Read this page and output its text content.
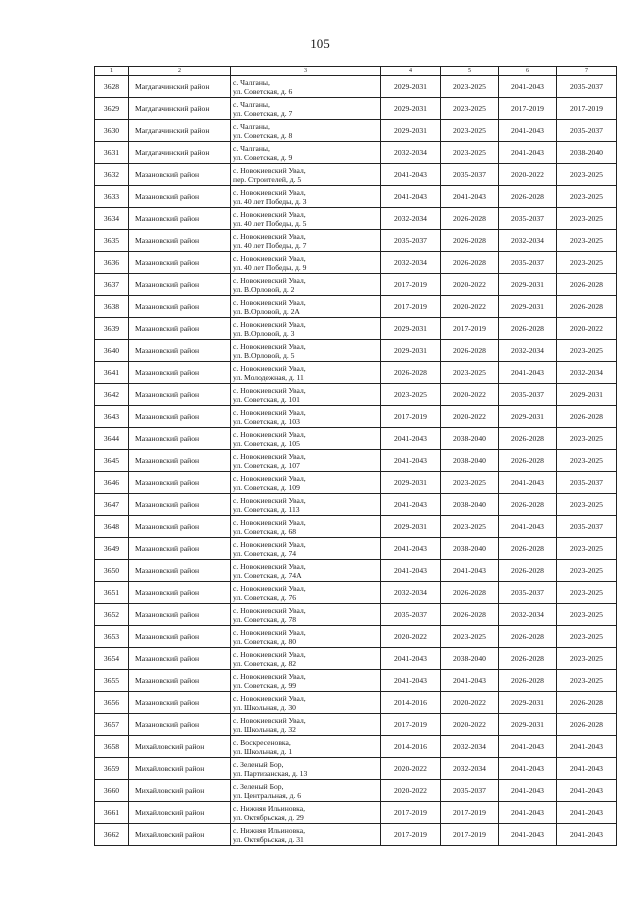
105
1	2	3	4	5	6	7
3628	Магдагачинский район	с. Чалганы,
ул. Советская, д. 6	2029-2031	2023-2025	2041-2043	2035-2037
3629	Магдагачинский район	с. Чалганы,
ул. Советская, д. 7	2029-2031	2023-2025	2017-2019	2017-2019
3630	Магдагачинский район	с. Чалганы,
ул. Советская, д. 8	2029-2031	2023-2025	2041-2043	2035-2037
3631	Магдагачинский район	с. Чалганы,
ул. Советская, д. 9	2032-2034	2023-2025	2041-2043	2038-2040
3632	Мазановский район	с. Новокиевский Увал,
пер. Строителей, д. 5	2041-2043	2035-2037	2020-2022	2023-2025
3633	Мазановский район	с. Новокиевский Увал,
ул. 40 лет Победы, д. 3	2041-2043	2041-2043	2026-2028	2023-2025
3634	Мазановский район	с. Новокиевский Увал,
ул. 40 лет Победы, д. 5	2032-2034	2026-2028	2035-2037	2023-2025
3635	Мазановский район	с. Новокиевский Увал,
ул. 40 лет Победы, д. 7	2035-2037	2026-2028	2032-2034	2023-2025
3636	Мазановский район	с. Новокиевский Увал,
ул. 40 лет Победы, д. 9	2032-2034	2026-2028	2035-2037	2023-2025
3637	Мазановский район	с. Новокиевский Увал,
ул. В.Орловой, д. 2	2017-2019	2020-2022	2029-2031	2026-2028
3638	Мазановский район	с. Новокиевский Увал,
ул. В.Орловой, д. 2А	2017-2019	2020-2022	2029-2031	2026-2028
3639	Мазановский район	с. Новокиевский Увал,
ул. В.Орловой, д. 3	2029-2031	2017-2019	2026-2028	2020-2022
3640	Мазановский район	с. Новокиевский Увал,
ул. В.Орловой, д. 5	2029-2031	2026-2028	2032-2034	2023-2025
3641	Мазановский район	с. Новокиевский Увал,
ул. Молодежная, д. 11	2026-2028	2023-2025	2041-2043	2032-2034
3642	Мазановский район	с. Новокиевский Увал,
ул. Советская, д. 101	2023-2025	2020-2022	2035-2037	2029-2031
3643	Мазановский район	с. Новокиевский Увал,
ул. Советская, д. 103	2017-2019	2020-2022	2029-2031	2026-2028
3644	Мазановский район	с. Новокиевский Увал,
ул. Советская, д. 105	2041-2043	2038-2040	2026-2028	2023-2025
3645	Мазановский район	с. Новокиевский Увал,
ул. Советская, д. 107	2041-2043	2038-2040	2026-2028	2023-2025
3646	Мазановский район	с. Новокиевский Увал,
ул. Советская, д. 109	2029-2031	2023-2025	2041-2043	2035-2037
3647	Мазановский район	с. Новокиевский Увал,
ул. Советская, д. 113	2041-2043	2038-2040	2026-2028	2023-2025
3648	Мазановский район	с. Новокиевский Увал,
ул. Советская, д. 68	2029-2031	2023-2025	2041-2043	2035-2037
3649	Мазановский район	с. Новокиевский Увал,
ул. Советская, д. 74	2041-2043	2038-2040	2026-2028	2023-2025
3650	Мазановский район	с. Новокиевский Увал,
ул. Советская, д. 74А	2041-2043	2041-2043	2026-2028	2023-2025
3651	Мазановский район	с. Новокиевский Увал,
ул. Советская, д. 76	2032-2034	2026-2028	2035-2037	2023-2025
3652	Мазановский район	с. Новокиевский Увал,
ул. Советская, д. 78	2035-2037	2026-2028	2032-2034	2023-2025
3653	Мазановский район	с. Новокиевский Увал,
ул. Советская, д. 80	2020-2022	2023-2025	2026-2028	2023-2025
3654	Мазановский район	с. Новокиевский Увал,
ул. Советская, д. 82	2041-2043	2038-2040	2026-2028	2023-2025
3655	Мазановский район	с. Новокиевский Увал,
ул. Советская, д. 99	2041-2043	2041-2043	2026-2028	2023-2025
3656	Мазановский район	с. Новокиевский Увал,
ул. Школьная, д. 30	2014-2016	2020-2022	2029-2031	2026-2028
3657	Мазановский район	с. Новокиевский Увал,
ул. Школьная, д. 32	2017-2019	2020-2022	2029-2031	2026-2028
3658	Михайловский район	с. Воскресеновка,
ул. Школьная, д. 1	2014-2016	2032-2034	2041-2043	2041-2043
3659	Михайловский район	с. Зеленый Бор,
ул. Партизанская, д. 13	2020-2022	2032-2034	2041-2043	2041-2043
3660	Михайловский район	с. Зеленый Бор,
ул. Центральная, д. 6	2020-2022	2035-2037	2041-2043	2041-2043
3661	Михайловский район	с. Нижняя Ильиновка,
ул. Октябрьская, д. 29	2017-2019	2017-2019	2041-2043	2041-2043
3662	Михайловский район	с. Нижняя Ильиновка,
ул. Октябрьская, д. 31	2017-2019	2017-2019	2041-2043	2041-2043
